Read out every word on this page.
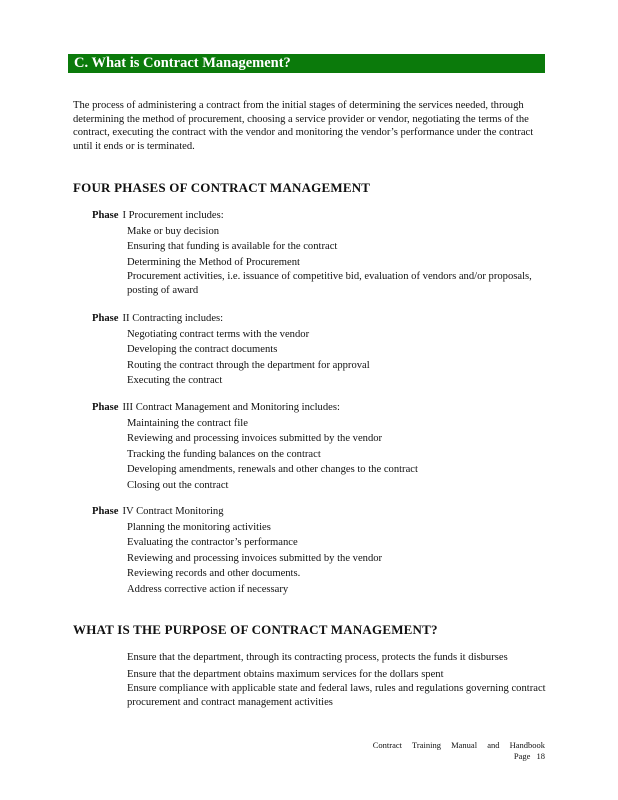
C. What is Contract Management?
The process of administering a contract from the initial stages of determining the services needed, through determining the method of procurement, choosing a service provider or vendor, negotiating the terms of the contract, executing the contract with the vendor and monitoring the vendor’s performance under the contract until it ends or is terminated.
FOUR PHASES OF CONTRACT MANAGEMENT
Phase I Procurement includes:
Make or buy decision
Ensuring that funding is available for the contract
Determining the Method of Procurement
Procurement activities, i.e. issuance of competitive bid, evaluation of vendors and/or proposals, posting of award
Phase II Contracting includes:
Negotiating contract terms with the vendor
Developing the contract documents
Routing the contract through the department for approval
Executing the contract
Phase III Contract Management and Monitoring includes:
Maintaining the contract file
Reviewing and processing invoices submitted by the vendor
Tracking the funding balances on the contract
Developing amendments, renewals and other changes to the contract
Closing out the contract
Phase IV Contract Monitoring
Planning the monitoring activities
Evaluating the contractor’s performance
Reviewing and processing invoices submitted by the vendor
Reviewing records and other documents.
Address corrective action if necessary
WHAT IS THE PURPOSE OF CONTRACT MANAGEMENT?
Ensure that the department, through its contracting process, protects the funds it disburses
Ensure that the department obtains maximum services for the dollars spent
Ensure compliance with applicable state and federal laws, rules and regulations governing contract procurement and contract management activities
Contract Training Manual and Handbook
Page 18
